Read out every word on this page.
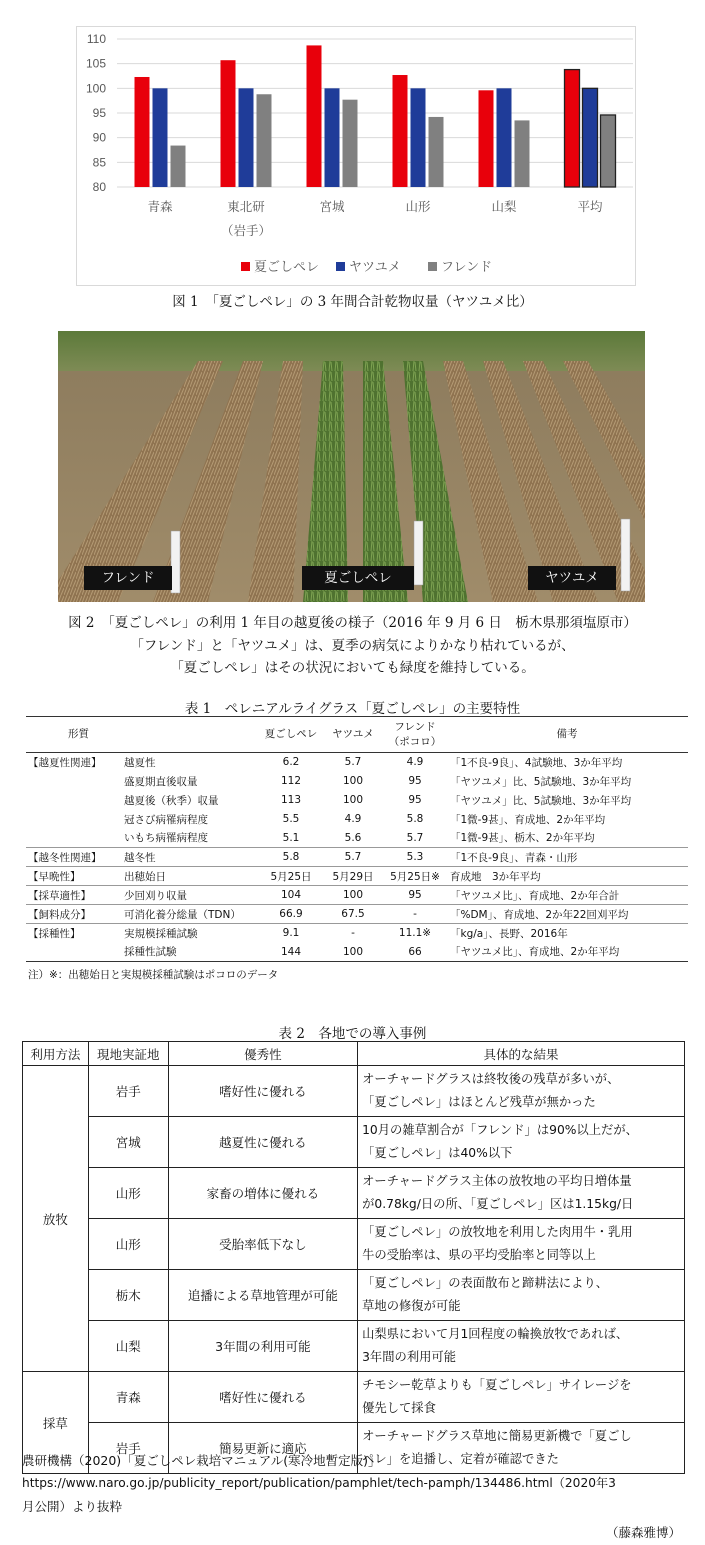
80
85
90
95
100
105
110
青森	東北研
（岩手）
宮城	山形	山梨	平均
夏ごしペレ ヤツユメ	フレンド
図 1　「夏ごしペレ」の 3 年間合計乾物収量（ヤツユメ比）
フレンド	夏ごしペレ	ヤツユメ
図 2　「夏ごしペレ」の利用 1 年目の越夏後の様子（2016 年 9 月 6 日　栃木県那須塩原市）
「フレンド」と「ヤツユメ」は、夏季の病気によりかなり枯れているが、
「夏ごしペレ」はその状況においても緑度を維持している。
表 1　ペレニアルライグラス「夏ごしペレ」の主要特性
形質		夏ごしペレ	ヤツユメ	フレンド
（ポコロ）	備考
【越夏性関連】	越夏性	6.2	5.7	4.9	「1不良-9良」、4試験地、3か年平均
	盛夏期直後収量	112	100	95	「ヤツユメ」比、5試験地、3か年平均
	越夏後（秋季）収量	113	100	95	「ヤツユメ」比、5試験地、3か年平均
	冠さび病罹病程度	5.5	4.9	5.8	「1微-9甚」、育成地、2か年平均
	いもち病罹病程度	5.1	5.6	5.7	「1微-9甚」、栃木、2か年平均
【越冬性関連】	越冬性	5.8	5.7	5.3	「1不良-9良」、青森・山形
【早晩性】	出穂始日	5月25日	5月29日	5月25日※	育成地　3か年平均
【採草適性】	少回刈り収量	104	100	95	「ヤツユメ比」、育成地、2か年合計
【飼料成分】	可消化養分総量（TDN）	66.9	67.5	-	「%DM」、育成地、2か年22回刈平均
【採種性】	実規模採種試験	9.1	-	11.1※	「kg/a」、長野、2016年
	採種性試験	144	100	66	「ヤツユメ比」、育成地、2か年平均
注）※：出穂始日と実規模採種試験はポコロのデータ
表 2　各地での導入事例
利用方法	現地実証地	優秀性	具体的な結果
放牧	岩手	嗜好性に優れる	オーチャードグラスは終牧後の残草が多いが、
「夏ごしペレ」はほとんど残草が無かった

	宮城	越夏性に優れる	10月の雑草割合が「フレンド」は90%以上だが、
「夏ごしペレ」は40%以下

	山形	家畜の増体に優れる	オーチャードグラス主体の放牧地の平均日増体量
が0.78kg/日の所、「夏ごしペレ」区は1.15kg/日

	山形	受胎率低下なし	「夏ごしペレ」の放牧地を利用した肉用牛・乳用
牛の受胎率は、県の平均受胎率と同等以上

	栃木	追播による草地管理が可能	「夏ごしペレ」の表面散布と蹄耕法により、
草地の修復が可能

	山梨	3年間の利用可能	山梨県において月1回程度の輪換放牧であれば、
3年間の利用可能

採草	青森	嗜好性に優れる	チモシー乾草よりも「夏ごしペレ」サイレージを
優先して採食

	岩手	簡易更新に適応	オーチャードグラス草地に簡易更新機で「夏ごし
ペレ」を追播し、定着が確認できた
農研機構（2020)「夏ごしペレ栽培マニュアル(寒冷地暫定版)」
https://www.naro.go.jp/publicity_report/publication/pamphlet/tech-pamph/134486.html（2020年3
月公開）より抜粋
（藤森雅博）
